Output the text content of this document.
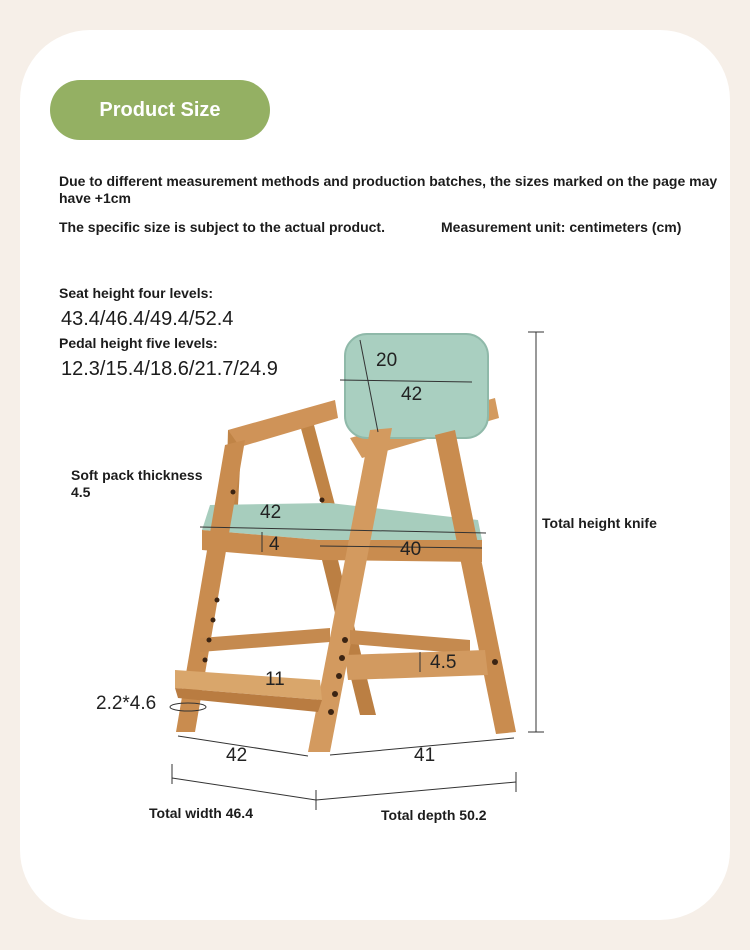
Product Size
Due to different measurement methods and production batches, the sizes marked on the page may have +1cm
The specific size is subject to the actual product.	Measurement unit: centimeters (cm)
Seat height four levels:
43.4/46.4/49.4/52.4
Pedal height five levels:
12.3/15.4/18.6/21.7/24.9
Soft pack thickness 4.5
Total height knife
20
42
42
4	40
4.5
11
2.2*4.6
42	41
Total width 46.4	Total depth 50.2
